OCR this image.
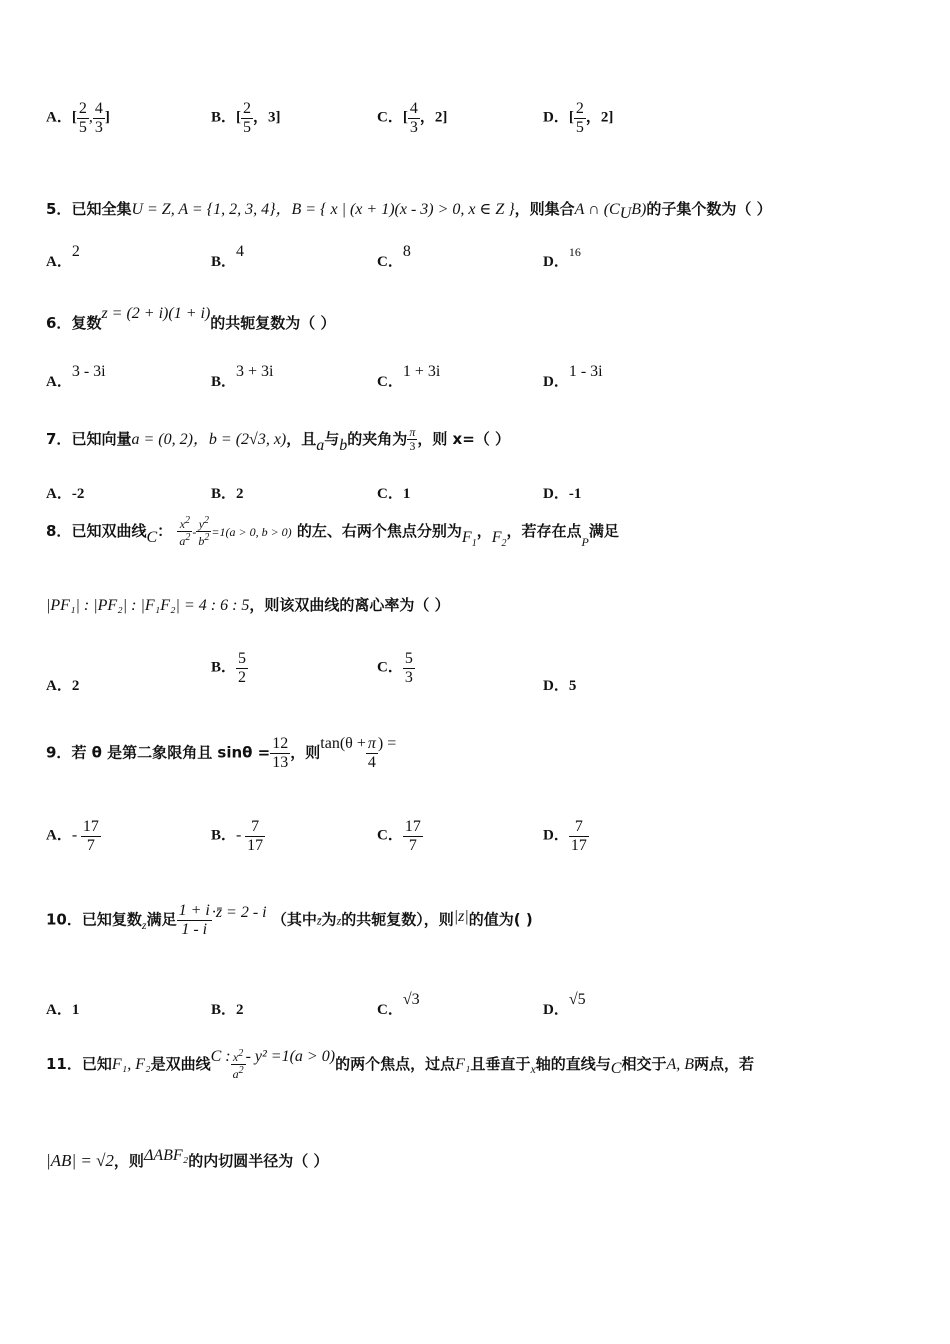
A．[ $\frac{2}{5}$ , $\frac{4}{3}$ ]	B．[ $\frac{2}{5}$ ，3]	C．[ $\frac{4}{3}$ ，2]	D．[ $\frac{2}{5}$ ，2]
5．已知全集U = Z, A = {1, 2, 3, 4}，B = { x | (x + 1)(x - 3) > 0, x ∈ Z }，则集合A ∩ $(C_UB)$的子集个数为（ ）
A．2
B．4
C．8
D．$^{16}$
6．复数z = (2 + i)(1 + i)的共轭复数为（ ）
A．3 - 3i
B．3 + 3i
C．1 + 3i
D．1 - 3i
7．已知向量a = (0, 2)，b = (2√3, x)，且a与b的夹角为 $\frac{\pi}{3}$ ，则 x=（ ）
A．-2	B．2	C．1	D．-1
8．已知双曲线C： $\frac{x^2}{a^2} - \frac{y^2}{b^2} =1(a > 0$, b > 0) 的左、右两个焦点分别为$F_1$，$F_2$，若存在点$_P$满足
|PF₁| : |PF₂| : |F₁F₂| = 4 : 6 : 5，则该双曲线的离心率为（ ）
A．2
B． $\frac{5}{2}$	C． $\frac{5}{3}$	D．5
9．若 θ 是第二象限角且 $\sin\theta = \frac{12}{13}$ ，则$\tan(\theta + \frac{\pi}{4}$ ) =
A．- $\frac{17}{7}$	B．- $\frac{7}{17}$	C． $\frac{17}{7}$	D． $\frac{7}{17}$
10．已知复数$_z$满足 $\frac{1 + i}{1 - i}$ ·z̄ = 2 - i （其中z̄为z的共轭复数），则|z|的值为( )
A．1	B．2	C．√3
D．√5
11．已知F₁, F₂是双曲线C : $\frac{x^2}{a^2} - y^2 =1(a > 0)$的两个焦点，过点F₁且垂直于$_x$轴的直线与C相交于A, B两点，若
|AB| = √2，则ΔABF₂的内切圆半径为（ ）
